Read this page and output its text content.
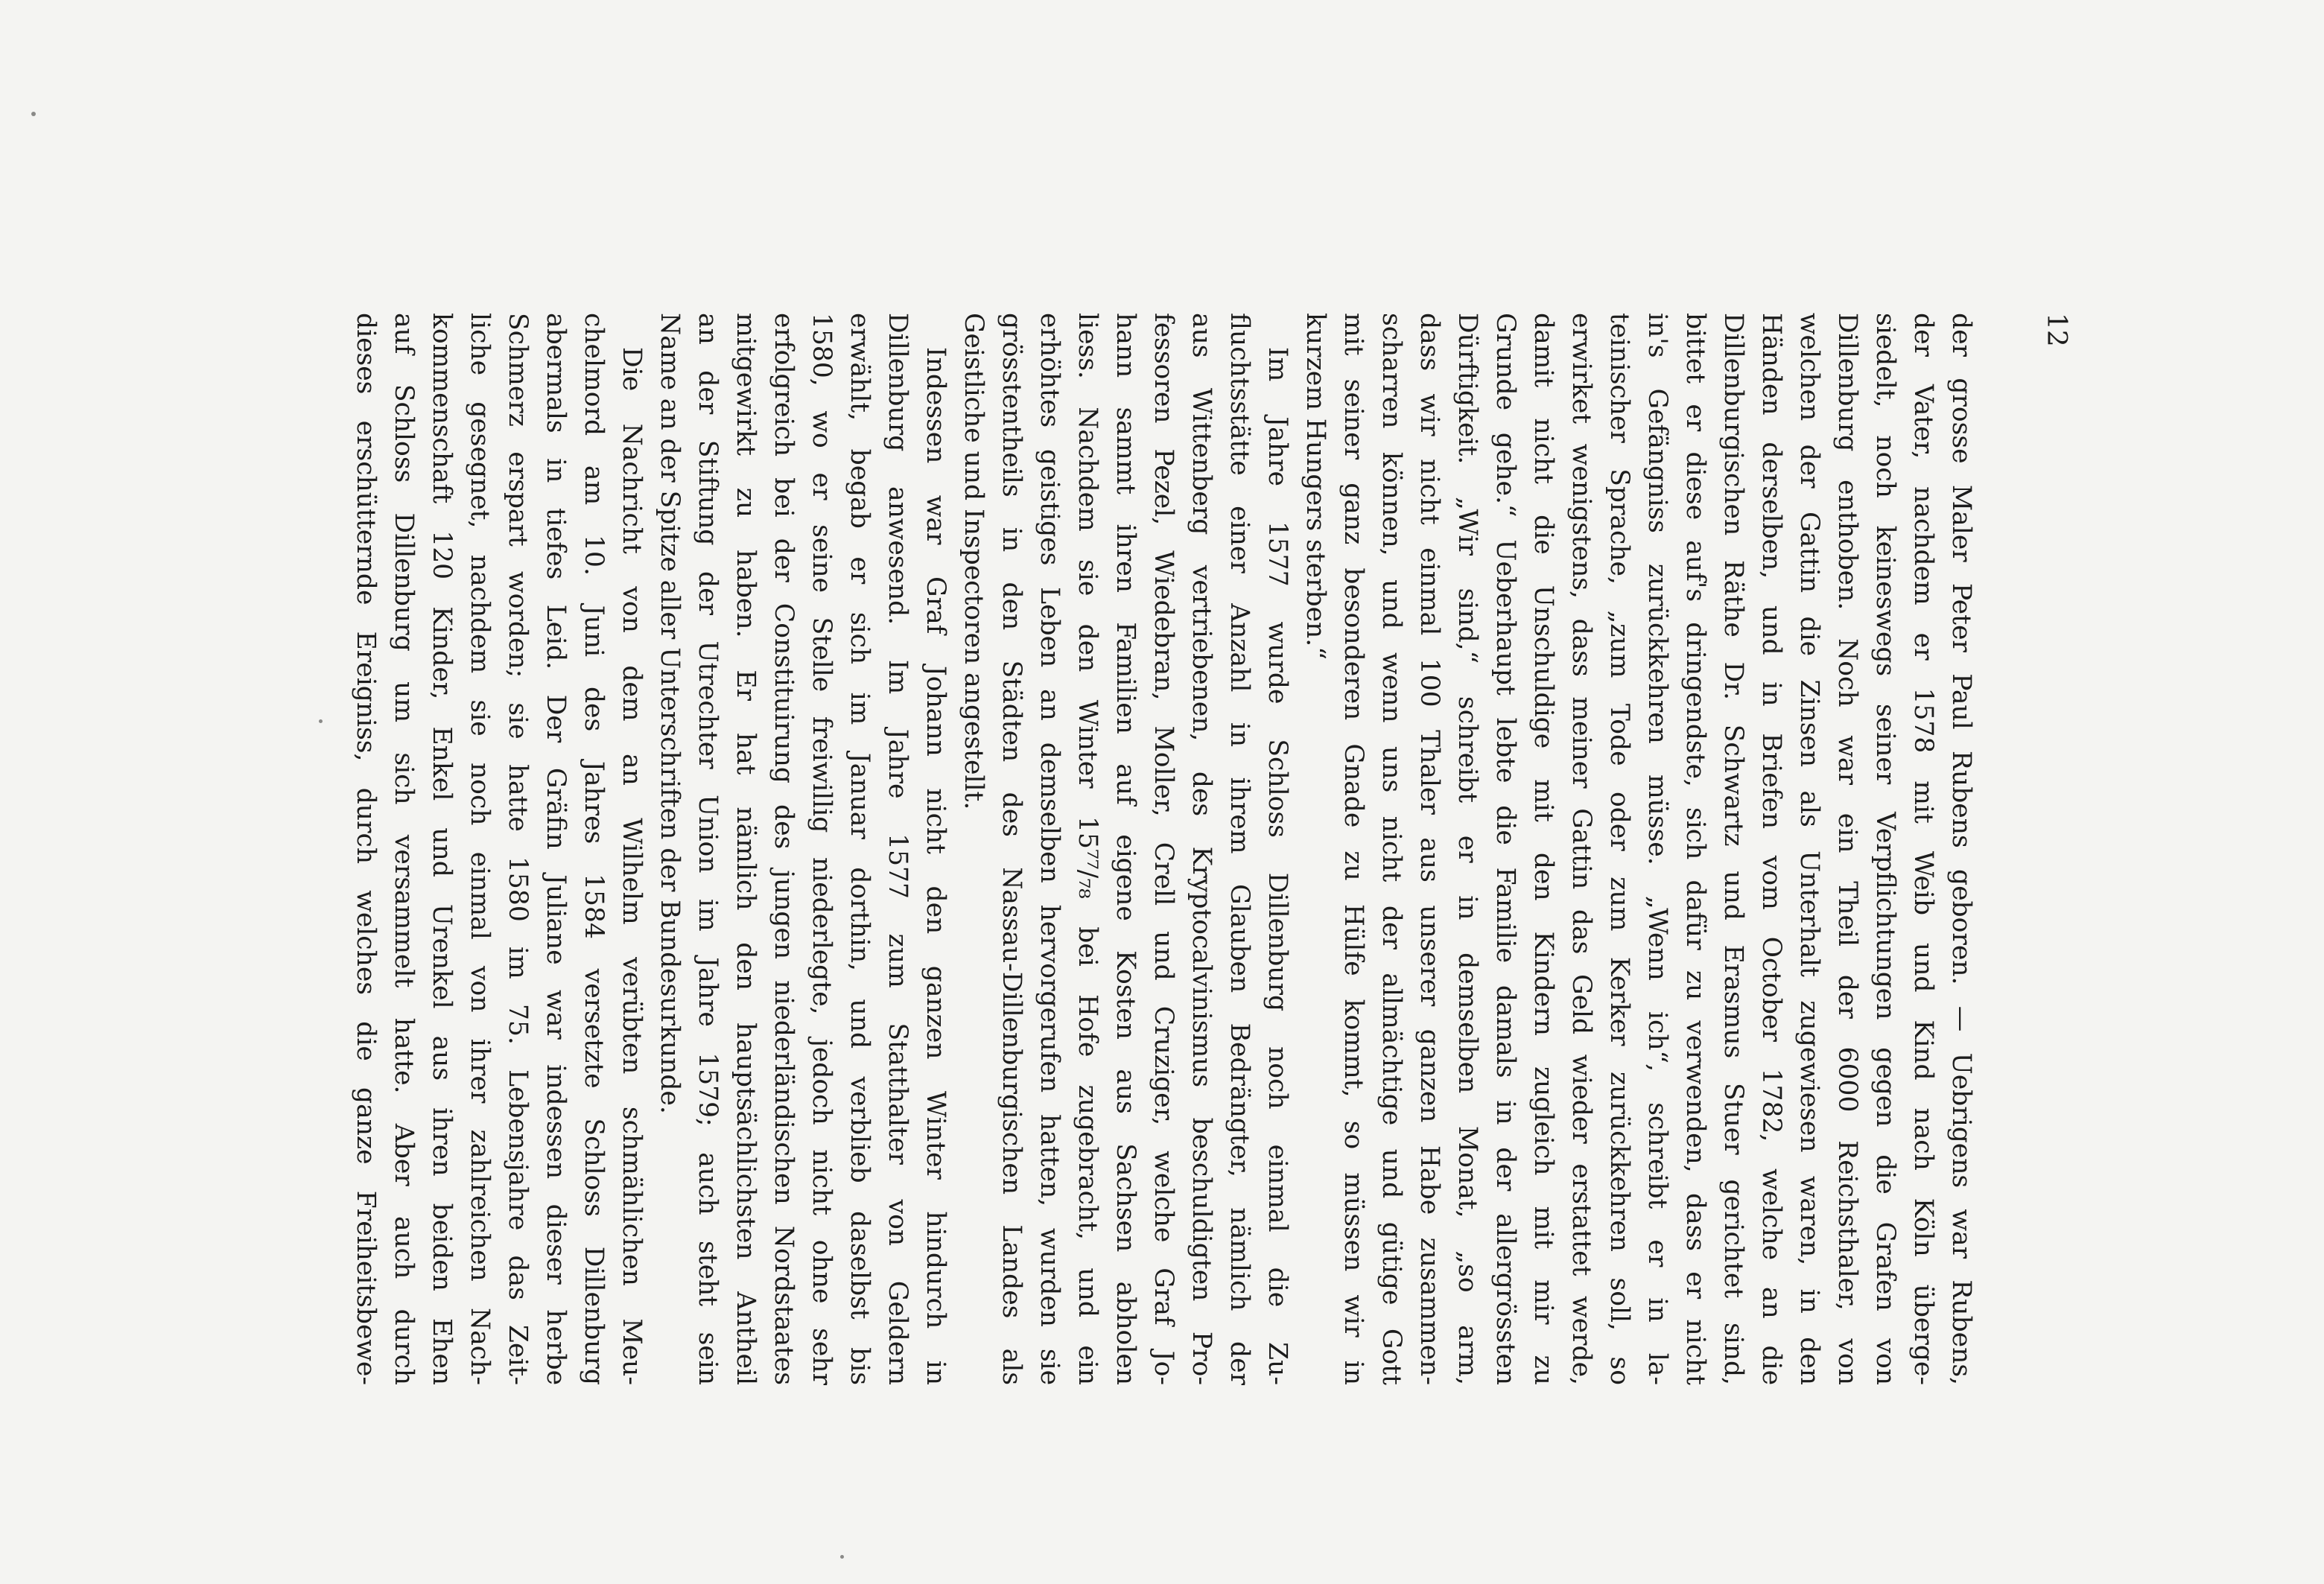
12
der grosse Maler Peter Paul Rubens geboren. — Uebrigens war Rubens,
der Vater, nachdem er 1578 mit Weib und Kind nach Köln überge-
siedelt, noch keineswegs seiner Verpflichtungen gegen die Grafen von
Dillenburg enthoben. Noch war ein Theil der 6000 Reichsthaler, von
welchen der Gattin die Zinsen als Unterhalt zugewiesen waren, in den
Händen derselben, und in Briefen vom October 1782, welche an die
Dillenburgischen Räthe Dr. Schwartz und Erasmus Stuer gerichtet sind,
bittet er diese auf's dringendste, sich dafür zu verwenden, dass er nicht
in's Gefängniss zurückkehren müsse. „Wenn ich“, schreibt er in la-
teinischer Sprache, „zum Tode oder zum Kerker zurückkehren soll, so
erwirket wenigstens, dass meiner Gattin das Geld wieder erstattet werde,
damit nicht die Unschuldige mit den Kindern zugleich mit mir zu
Grunde gehe.“ Ueberhaupt lebte die Familie damals in der allergrössten
Dürftigkeit. „Wir sind,“ schreibt er in demselben Monat, „so arm,
dass wir nicht einmal 100 Thaler aus unserer ganzen Habe zusammen-
scharren können, und wenn uns nicht der allmächtige und gütige Gott
mit seiner ganz besonderen Gnade zu Hülfe kommt, so müssen wir in
kurzem Hungers sterben.“
Im Jahre 1577 wurde Schloss Dillenburg noch einmal die Zu-
fluchtsstätte einer Anzahl in ihrem Glauben Bedrängter, nämlich der
aus Wittenberg vertriebenen, des Kryptocalvinismus beschuldigten Pro-
fessoren Pezel, Wiedebran, Moller, Crell und Cruziger, welche Graf Jo-
hann sammt ihren Familien auf eigene Kosten aus Sachsen abholen
liess. Nachdem sie den Winter 15⁷⁷/₇₈ bei Hofe zugebracht, und ein
erhöhtes geistiges Leben an demselben hervorgerufen hatten, wurden sie
grösstentheils in den Städten des Nassau-Dillenburgischen Landes als
Geistliche und Inspectoren angestellt.
Indessen war Graf Johann nicht den ganzen Winter hindurch in
Dillenburg anwesend. Im Jahre 1577 zum Statthalter von Geldern
erwählt, begab er sich im Januar dorthin, und verblieb daselbst bis
1580, wo er seine Stelle freiwillig niederlegte, jedoch nicht ohne sehr
erfolgreich bei der Constituirung des jungen niederländischen Nordstaates
mitgewirkt zu haben. Er hat nämlich den hauptsächlichsten Antheil
an der Stiftung der Utrechter Union im Jahre 1579; auch steht sein
Name an der Spitze aller Unterschriften der Bundesurkunde.
Die Nachricht von dem an Wilhelm verübten schmählichen Meu-
chelmord am 10. Juni des Jahres 1584 versetzte Schloss Dillenburg
abermals in tiefes Leid. Der Gräfin Juliane war indessen dieser herbe
Schmerz erspart worden; sie hatte 1580 im 75. Lebensjahre das Zeit-
liche gesegnet, nachdem sie noch einmal von ihrer zahlreichen Nach-
kommenschaft 120 Kinder, Enkel und Urenkel aus ihren beiden Ehen
auf Schloss Dillenburg um sich versammelt hatte. Aber auch durch
dieses erschütternde Ereigniss, durch welches die ganze Freiheitsbewe-
